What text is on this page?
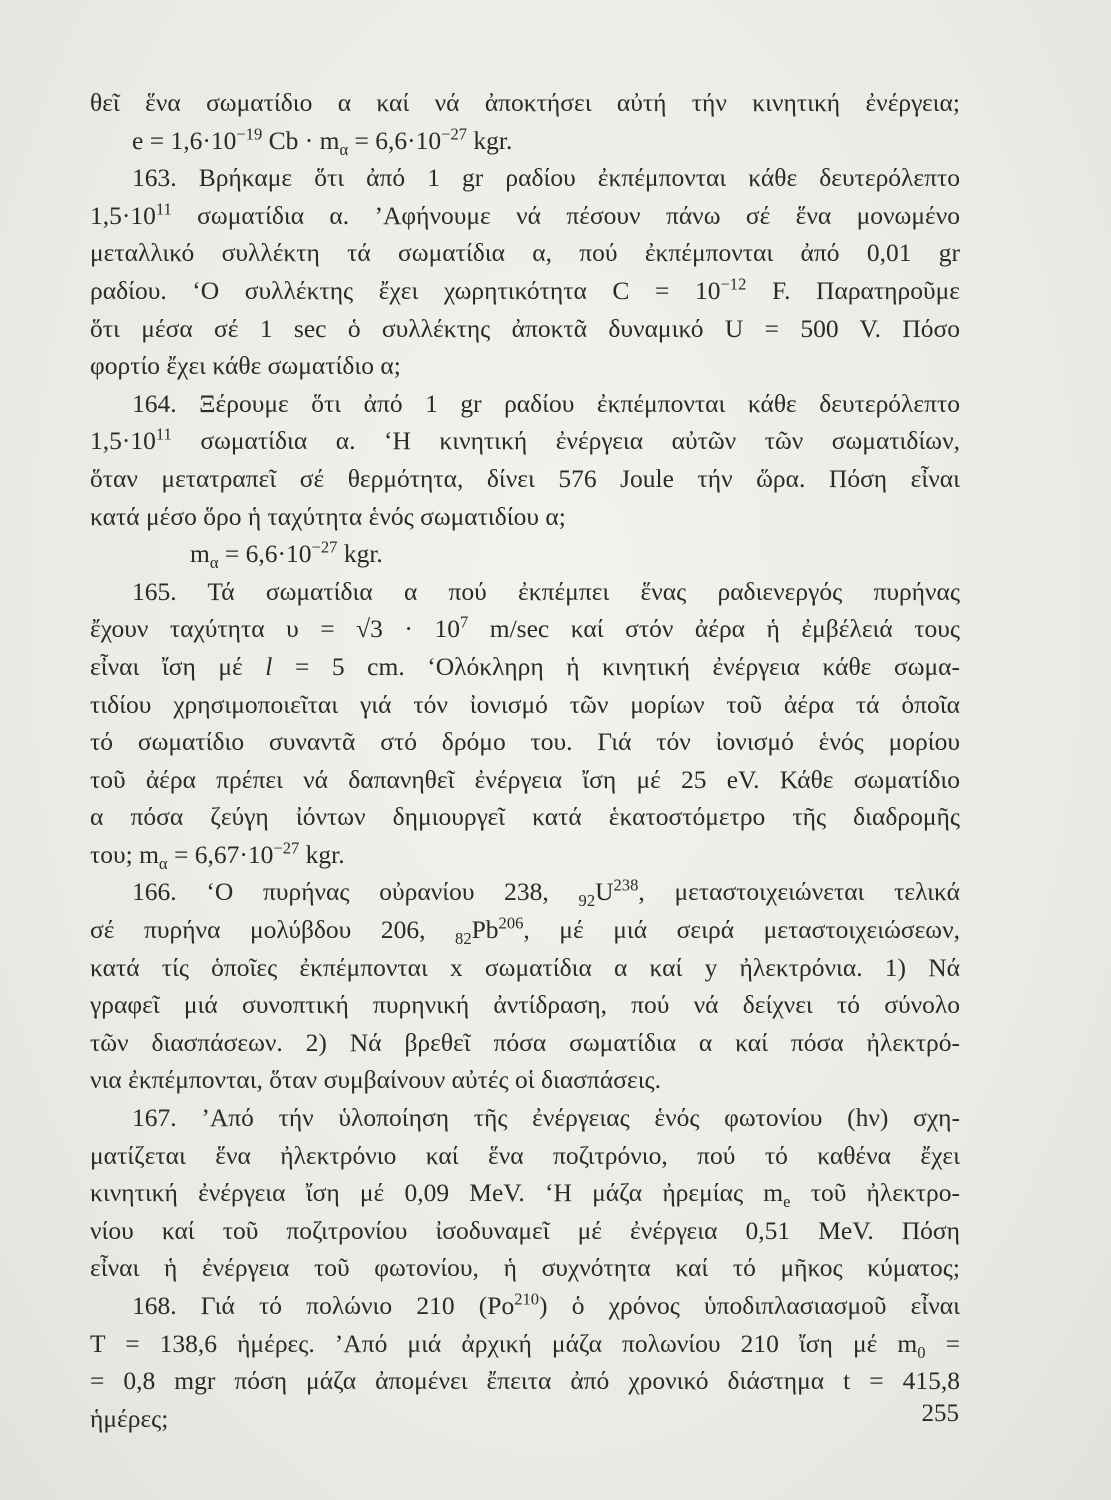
θεῖ ἕνα σωματίδιο α καί νά ἀποκτήσει αὐτή τήν κινητική ἐνέργεια;
$e = 1,6\cdot 10^{-19}$ $Cb \cdot m_\alpha = 6,6\cdot 10^{-27}$ kgr.
163. Βρήκαμε ὅτι ἀπό 1 gr ραδίου ἐκπέμπονται κάθε δευτερόλεπτο
$1,5\cdot 10^{11}$ σωματίδια α. ’Αφήνουμε νά πέσουν πάνω σέ ἕνα μονωμένο
μεταλλικό συλλέκτη τά σωματίδια α, πού ἐκπέμπονται ἀπό 0,01 gr
ραδίου. ‘Ο συλλέκτης ἔχει χωρητικότητα $C = 10^{-12}$ F. Παρατηροῦμε
ὅτι μέσα σέ 1 sec ὁ συλλέκτης ἀποκτᾶ δυναμικό U = 500 V. Πόσο
φορτίο ἔχει κάθε σωματίδιο α;
164. Ξέρουμε ὅτι ἀπό 1 gr ραδίου ἐκπέμπονται κάθε δευτερόλεπτο
$1,5\cdot 10^{11}$ σωματίδια α. ‘Η κινητική ἐνέργεια αὐτῶν τῶν σωματιδίων,
ὅταν μετατραπεῖ σέ θερμότητα, δίνει 576 Joule τήν ὥρα. Πόση εἶναι
κατά μέσο ὅρο ἡ ταχύτητα ἑνός σωματιδίου α;
$m_\alpha = 6,6\cdot 10^{-27}$ kgr.
165. Τά σωματίδια α πού ἐκπέμπει ἕνας ραδιενεργός πυρήνας
ἔχουν ταχύτητα $\upsilon = √3 \cdot 10^7$ m/sec καί στόν ἀέρα ἡ ἐμβέλειά τους
εἶναι ἴση μέ l = 5 cm. ‘Ολόκληρη ἡ κινητική ἐνέργεια κάθε σωμα-
τιδίου χρησιμοποιεῖται γιά τόν ἰονισμό τῶν μορίων τοῦ ἀέρα τά ὁποῖα
τό σωματίδιο συναντᾶ στό δρόμο του. Γιά τόν ἰονισμό ἑνός μορίου
τοῦ ἀέρα πρέπει νά δαπανηθεῖ ἐνέργεια ἴση μέ 25 eV. Κάθε σωματίδιο
α πόσα ζεύγη ἰόντων δημιουργεῖ κατά ἑκατοστόμετρο τῆς διαδρομῆς
του; $m_\alpha = 6,67\cdot 10^{-27}$ kgr.
166. ‘Ο πυρήνας οὐρανίου 238, $_{92}U^{238}$, μεταστοιχειώνεται τελικά
σέ πυρήνα μολύβδου 206, $_{82}Pb^{206}$, μέ μιά σειρά μεταστοιχειώσεων,
κατά τίς ὁποῖες ἐκπέμπονται x σωματίδια α καί y ἠλεκτρόνια. 1) Νά
γραφεῖ μιά συνοπτική πυρηνική ἀντίδραση, πού νά δείχνει τό σύνολο
τῶν διασπάσεων. 2) Νά βρεθεῖ πόσα σωματίδια α καί πόσα ἠλεκτρό-
νια ἐκπέμπονται, ὅταν συμβαίνουν αὐτές οἱ διασπάσεις.
167. ’Από τήν ὑλοποίηση τῆς ἐνέργειας ἑνός φωτονίου (hν) σχη-
ματίζεται ἕνα ἠλεκτρόνιο καί ἕνα ποζιτρόνιο, πού τό καθένα ἔχει
κινητική ἐνέργεια ἴση μέ 0,09 MeV. ‘Η μάζα ἠρεμίας $m_e$ τοῦ ἠλεκτρο-
νίου καί τοῦ ποζιτρονίου ἰσοδυναμεῖ μέ ἐνέργεια 0,51 MeV. Πόση
εἶναι ἡ ἐνέργεια τοῦ φωτονίου, ἡ συχνότητα καί τό μῆκος κύματος;
168. Γιά τό πολώνιο 210 (Po$^{210}$) ὁ χρόνος ὑποδιπλασιασμοῦ εἶναι
T = 138,6 ἡμέρες. ’Από μιά ἀρχική μάζα πολωνίου 210 ἴση μέ $m_0$ =
= 0,8 mgr πόση μάζα ἀπομένει ἔπειτα ἀπό χρονικό διάστημα t = 415,8
ἡμέρες;	255
